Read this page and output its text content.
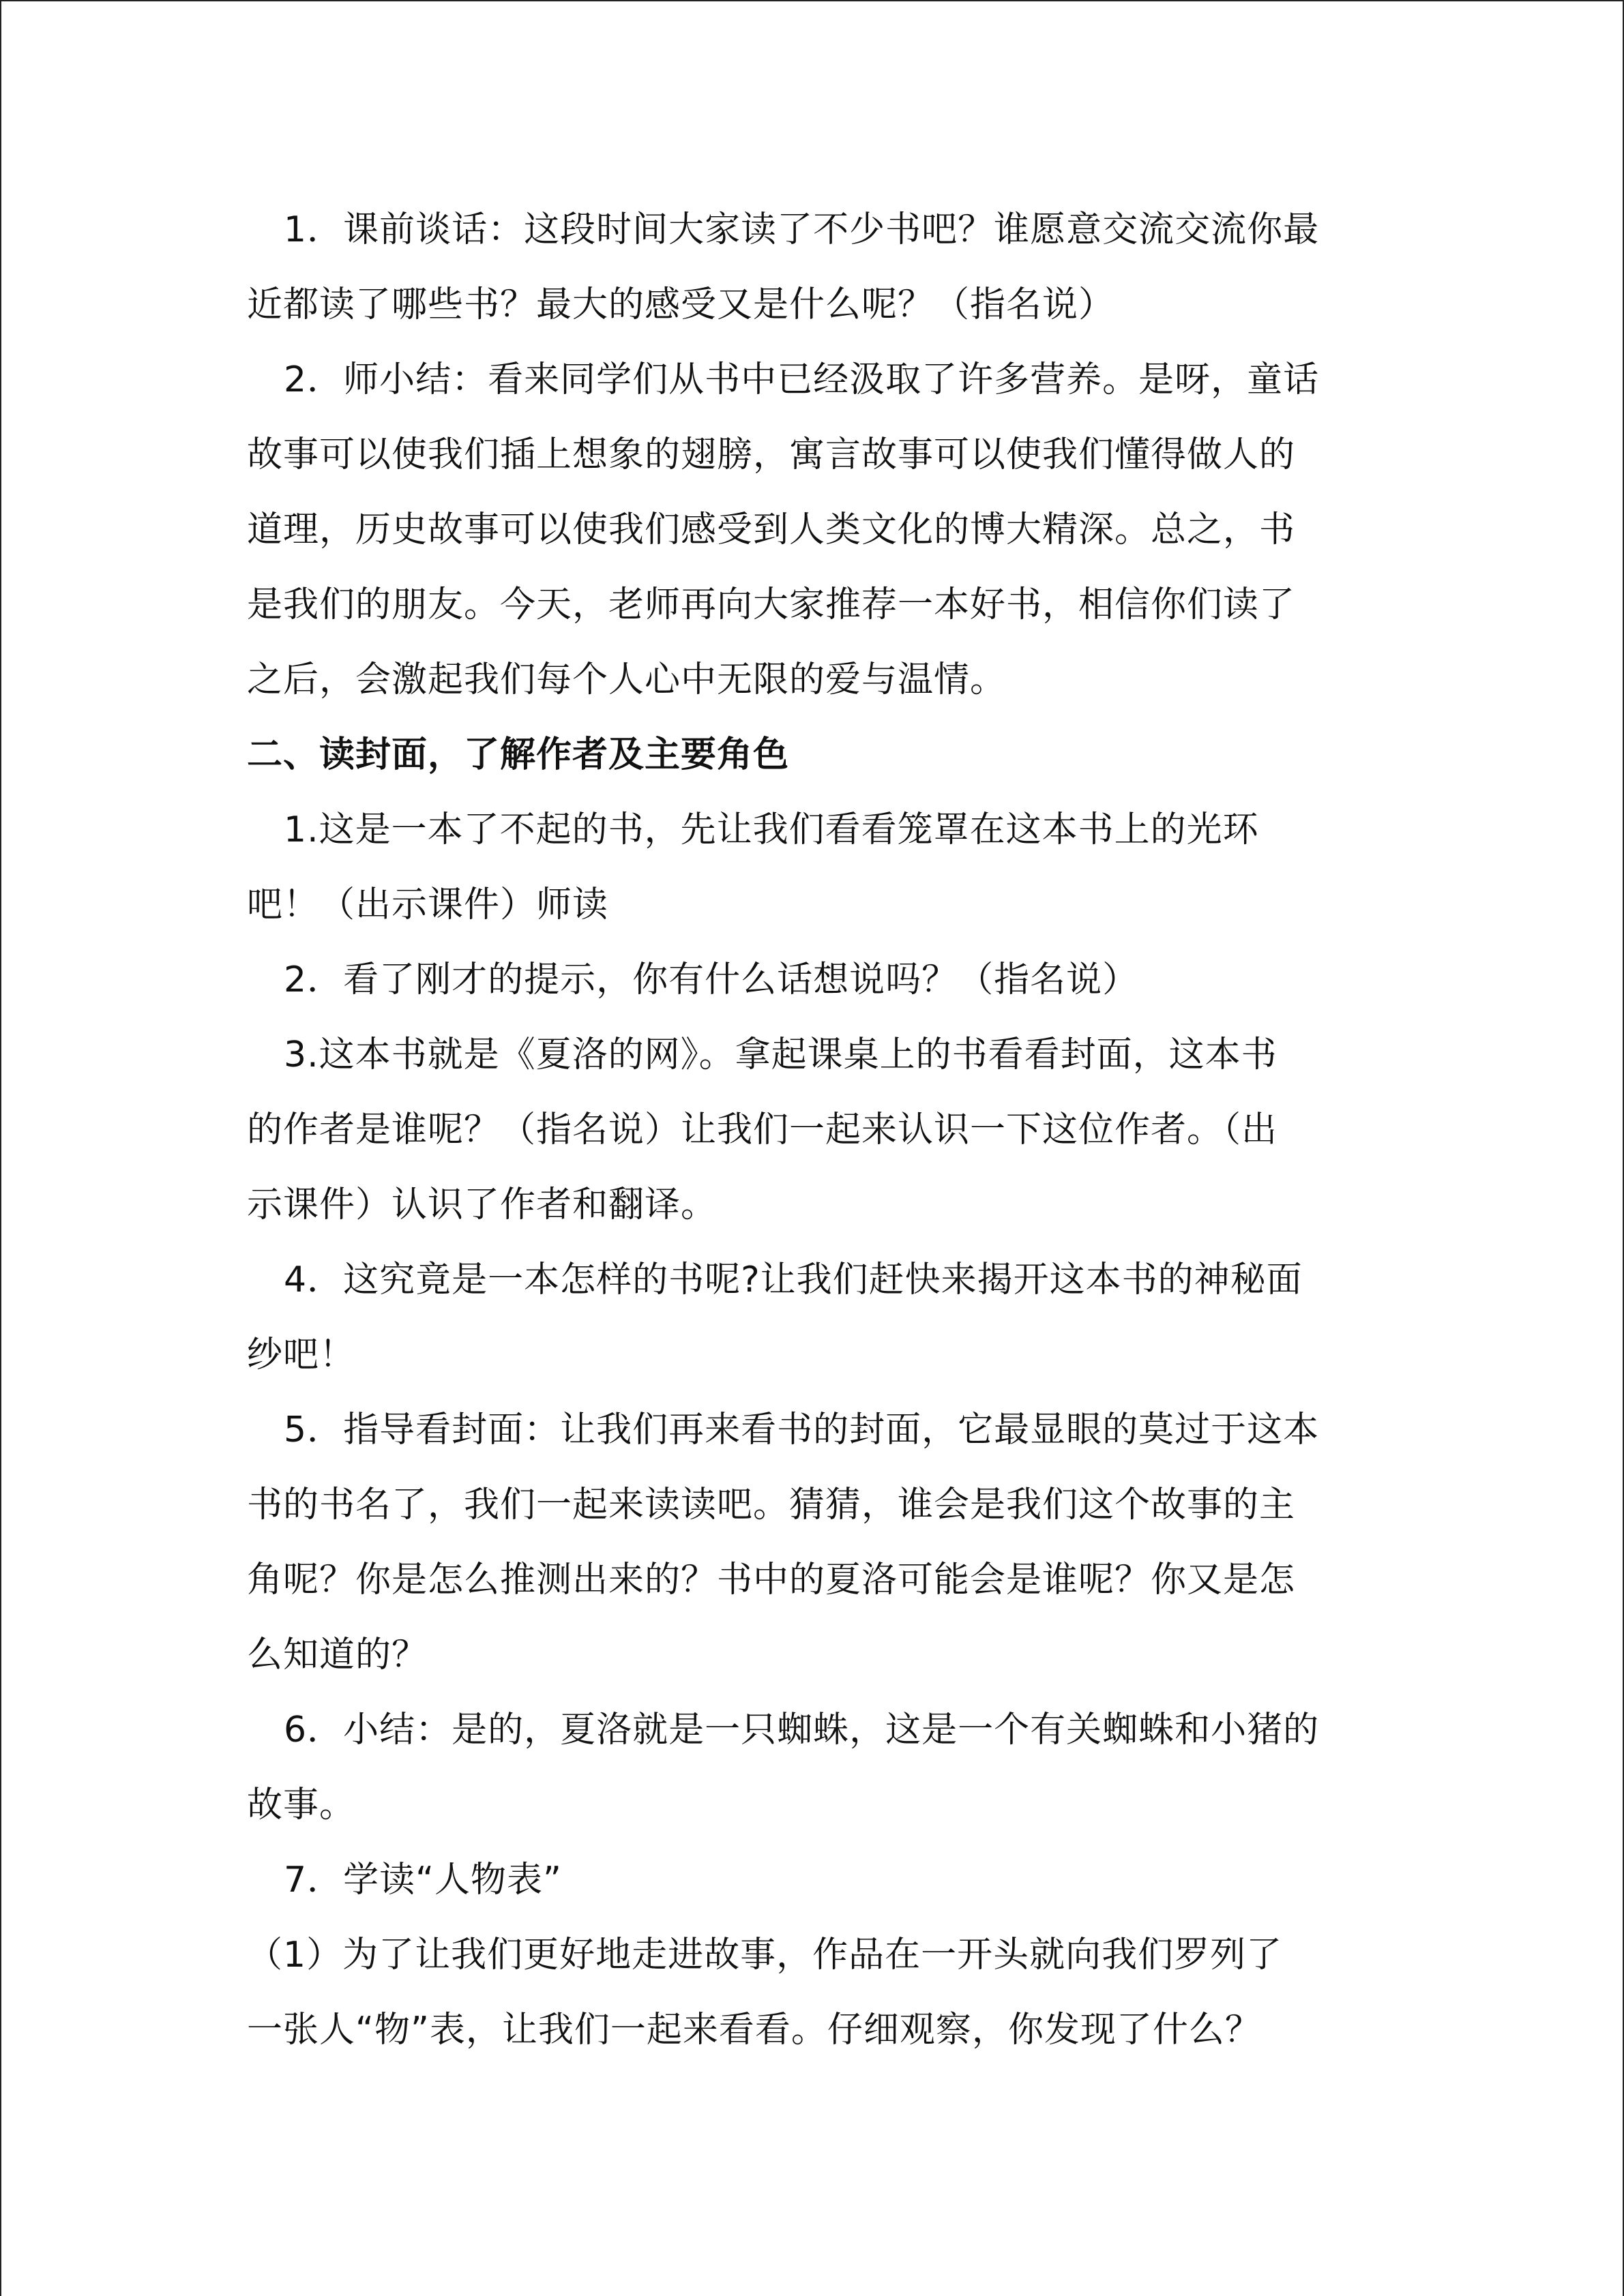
1．课前谈话：这段时间大家读了不少书吧？谁愿意交流交流你最
近都读了哪些书？最大的感受又是什么呢？（指名说）
2．师小结：看来同学们从书中已经汲取了许多营养。是呀，童话
故事可以使我们插上想象的翅膀，寓言故事可以使我们懂得做人的
道理，历史故事可以使我们感受到人类文化的博大精深。总之，书
是我们的朋友。今天，老师再向大家推荐一本好书，相信你们读了
之后，会激起我们每个人心中无限的爱与温情。
二、读封面，了解作者及主要角色
1.这是一本了不起的书，先让我们看看笼罩在这本书上的光环
吧！（出示课件）师读
2．看了刚才的提示，你有什么话想说吗？（指名说）
3.这本书就是《夏洛的网》。拿起课桌上的书看看封面，这本书
的作者是谁呢？（指名说）让我们一起来认识一下这位作者。（出
示课件）认识了作者和翻译。
4．这究竟是一本怎样的书呢?让我们赶快来揭开这本书的神秘面
纱吧！
5．指导看封面：让我们再来看书的封面，它最显眼的莫过于这本
书的书名了，我们一起来读读吧。猜猜，谁会是我们这个故事的主
角呢？你是怎么推测出来的？书中的夏洛可能会是谁呢？你又是怎
么知道的？
6．小结：是的，夏洛就是一只蜘蛛，这是一个有关蜘蛛和小猪的
故事。
7．学读“人物表”
（1）为了让我们更好地走进故事，作品在一开头就向我们罗列了
一张人“物”表，让我们一起来看看。仔细观察，你发现了什么？
